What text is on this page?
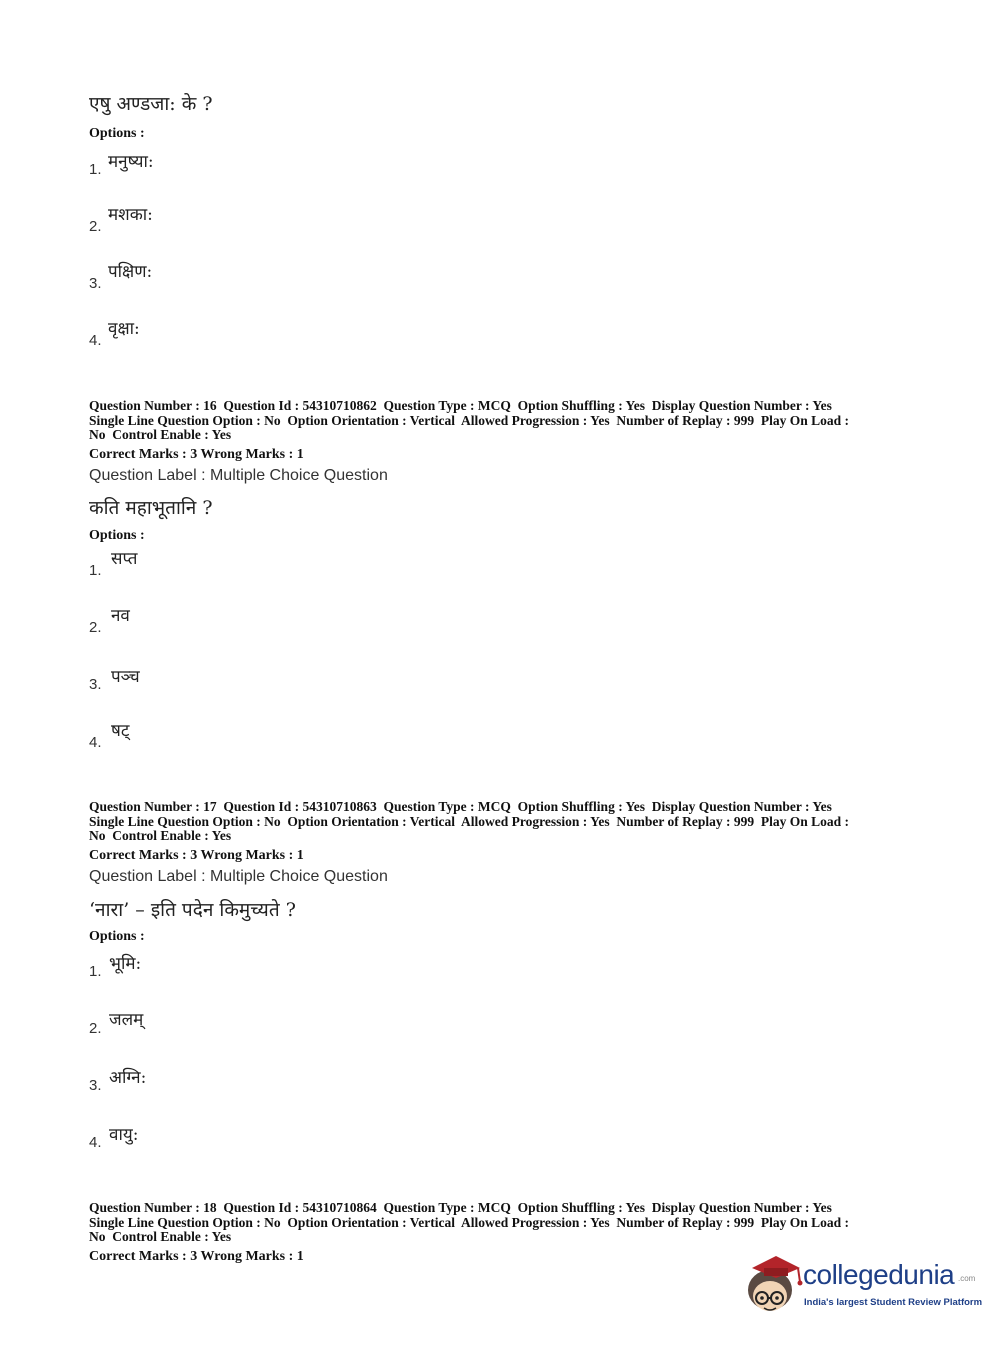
एषु अण्डजा: के ?
Options :
1. मनुष्या:
2.
मशका:
3.
पक्षिण:
4.
वृक्षा:
Question Number : 16  Question Id : 54310710862  Question Type : MCQ  Option Shuffling : Yes  Display Question Number : Yes
Single Line Question Option : No  Option Orientation : Vertical  Allowed Progression : Yes  Number of Replay : 999  Play On Load :
No  Control Enable : Yes
Correct Marks : 3 Wrong Marks : 1
Question Label : Multiple Choice Question
कति महाभूतानि ?
Options :
1.
सप्त
2.
नव
3. पञ्च
4.
षट्
Question Number : 17  Question Id : 54310710863  Question Type : MCQ  Option Shuffling : Yes  Display Question Number : Yes
Single Line Question Option : No  Option Orientation : Vertical  Allowed Progression : Yes  Number of Replay : 999  Play On Load :
No  Control Enable : Yes
Correct Marks : 3 Wrong Marks : 1
Question Label : Multiple Choice Question
‘नारा’ – इति पदेन किमुच्यते ?
Options :
1. भूमि:
2. जलम्
3. अग्नि:
4. वायु:
Question Number : 18  Question Id : 54310710864  Question Type : MCQ  Option Shuffling : Yes  Display Question Number : Yes
Single Line Question Option : No  Option Orientation : Vertical  Allowed Progression : Yes  Number of Replay : 999  Play On Load :
No  Control Enable : Yes
Correct Marks : 3 Wrong Marks : 1
collegedunia .com
India's largest Student Review Platform
